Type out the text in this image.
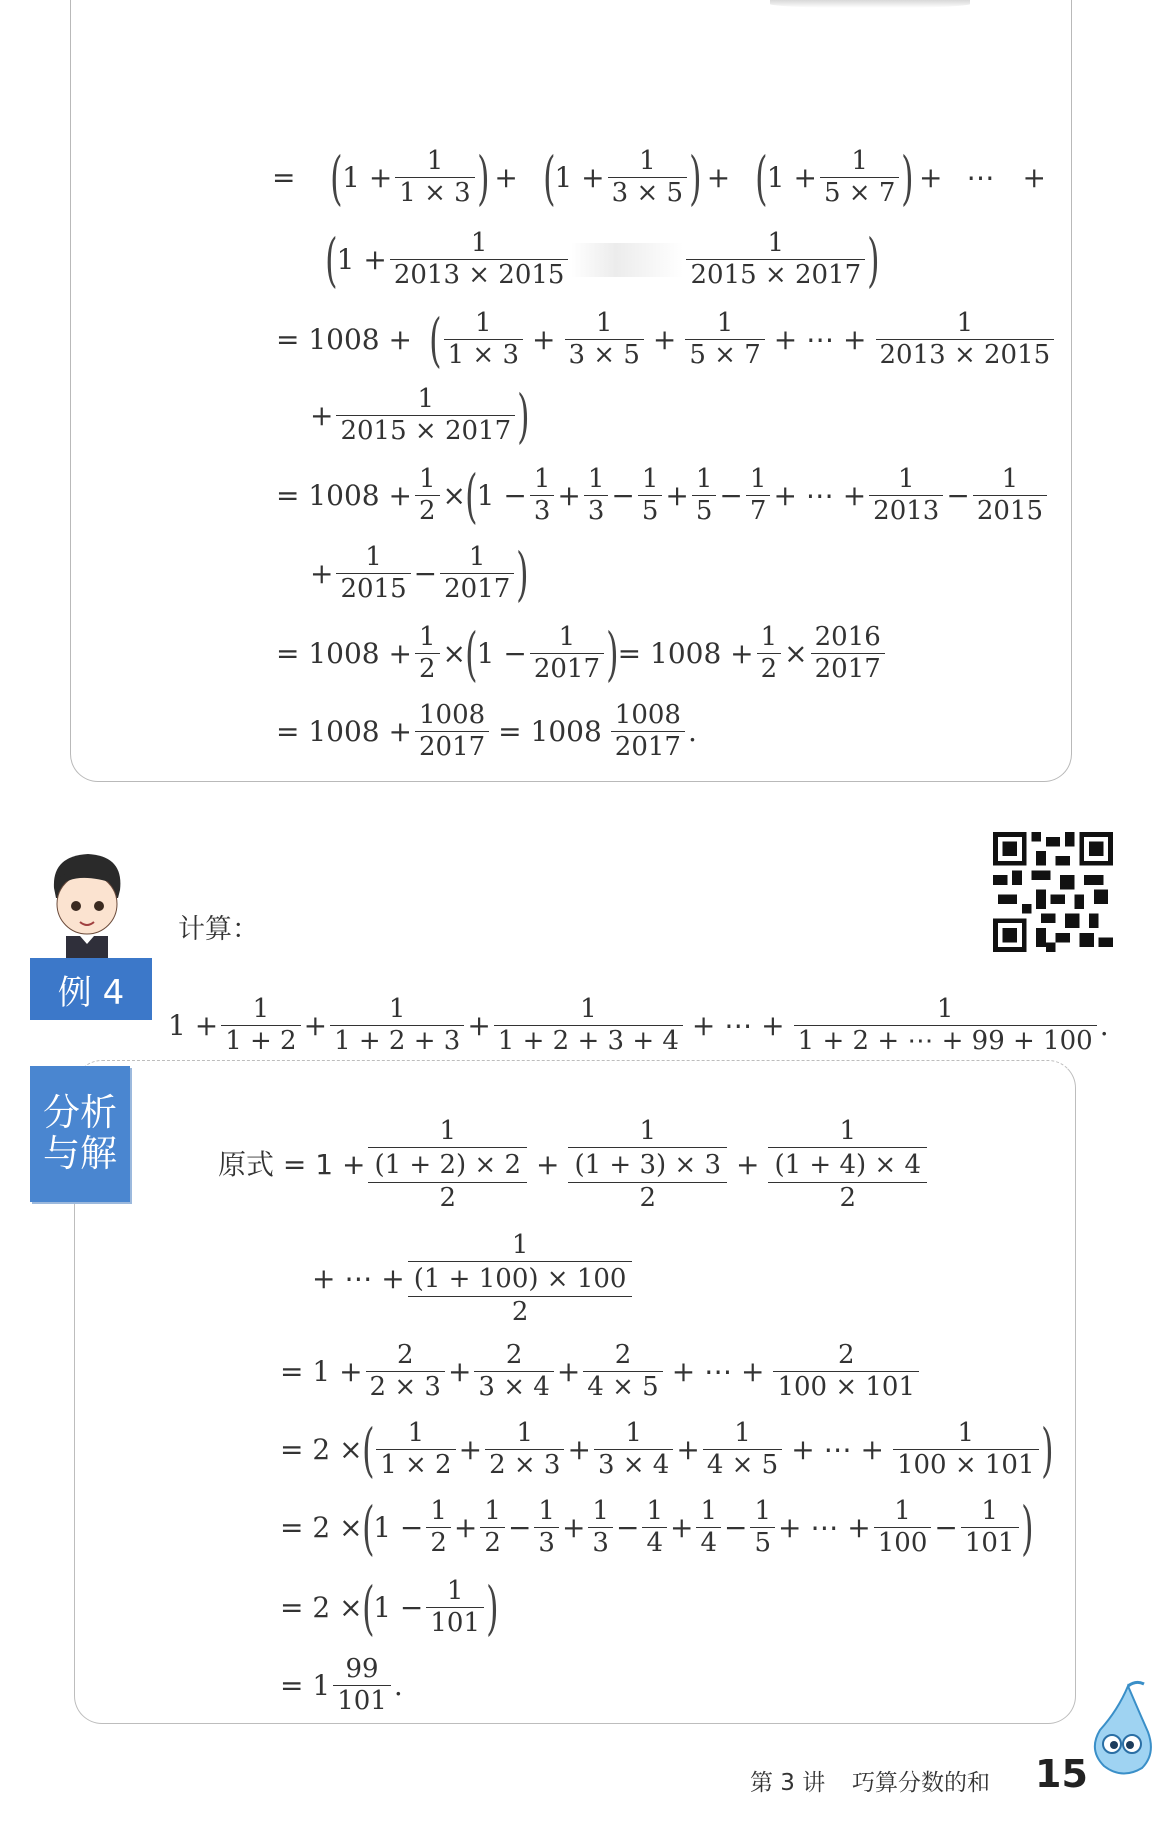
= ( $1 + \frac{1}{1 \times 3}$ ) + ( $1 + \frac{1}{3 \times 5}$ ) + ( $1 + \frac{1}{5 \times 7}$ ) + ⋯ +
( $1 + \frac{1}{2013 \times 2015}$	$\frac{1}{2015 \times 2017}$ )
= 1008 + ( $\frac{1}{1 \times 3} + \frac{1}{3 \times 5} + \frac{1}{5 \times 7}$ + ⋯ + $\frac{1}{2013 \times 2015}$
+ $\frac{1}{2015 \times 2017}$ )
= $1008 + \frac{1}{2}$ × ( $1 - \frac{1}{3} + \frac{1}{3} - \frac{1}{5} + \frac{1}{5} - \frac{1}{7}$ + ⋯ + $\frac{1}{2013} - \frac{1}{2015}$
+ $\frac{1}{2015} - \frac{1}{2017}$ )
= $1008 + \frac{1}{2}$ × ( $1 - \frac{1}{2017}$ ) = $1008 + \frac{1}{2} \times \frac{2016}{2017}$
= $1008 + \frac{1008}{2017} = 1008 \frac{1008}{2017}$ .
例 4
计算：
$1 + \frac{1}{1 + 2} + \frac{1}{1 + 2 + 3} + \frac{1}{1 + 2 + 3 + 4}$ + ⋯ + $\frac{1}{1 + 2 + \cdots + 99 + 100}$ .
分析
与解	原式 = 1 + 1
(1 + 2) × 2
2 + 1
(1 + 3) × 3
2 + 1
(1 + 4) × 4
2
+ ⋯ + 1
(1 + 100) × 100
2
= $1 + \frac{2}{2 \times 3} + \frac{2}{3 \times 4} + \frac{2}{4 \times 5}$ + ⋯ + $\frac{2}{100 \times 101}$
= 2 × ( $\frac{1}{1 \times 2} + \frac{1}{2 \times 3} + \frac{1}{3 \times 4} + \frac{1}{4 \times 5}$ + ⋯ + $\frac{1}{100 \times 101}$ )
= 2 × ( $1 - \frac{1}{2} + \frac{1}{2} - \frac{1}{3} + \frac{1}{3} - \frac{1}{4} + \frac{1}{4} - \frac{1}{5}$ + ⋯ + $\frac{1}{100} - \frac{1}{101}$ )
= 2 × ( $1 - \frac{1}{101}$ )
= $1 \frac{99}{101}$ .
第 3 讲 巧算分数的和 15
